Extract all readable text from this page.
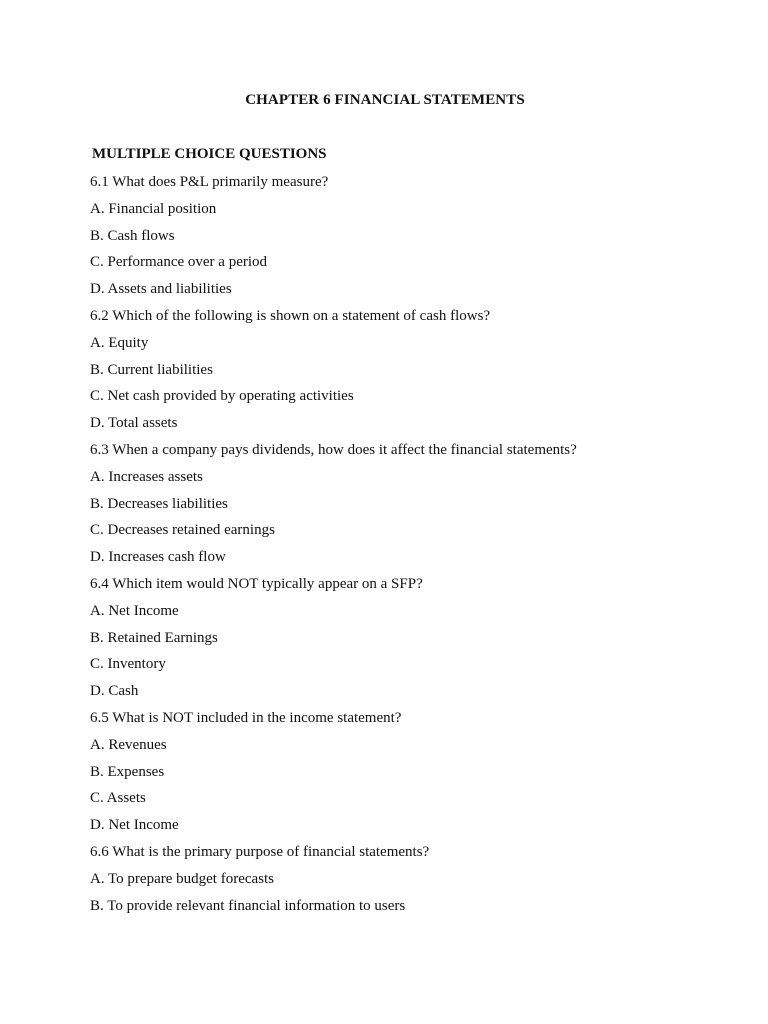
CHAPTER 6 FINANCIAL STATEMENTS
MULTIPLE CHOICE QUESTIONS
6.1 What does P&L primarily measure?
A. Financial position
B. Cash flows
C. Performance over a period
D. Assets and liabilities
6.2 Which of the following is shown on a statement of cash flows?
A. Equity
B. Current liabilities
C. Net cash provided by operating activities
D. Total assets
6.3 When a company pays dividends, how does it affect the financial statements?
A. Increases assets
B. Decreases liabilities
C. Decreases retained earnings
D. Increases cash flow
6.4 Which item would NOT typically appear on a SFP?
A. Net Income
B. Retained Earnings
C. Inventory
D. Cash
6.5 What is NOT included in the income statement?
A. Revenues
B. Expenses
C. Assets
D. Net Income
6.6 What is the primary purpose of financial statements?
A. To prepare budget forecasts
B. To provide relevant financial information to users
